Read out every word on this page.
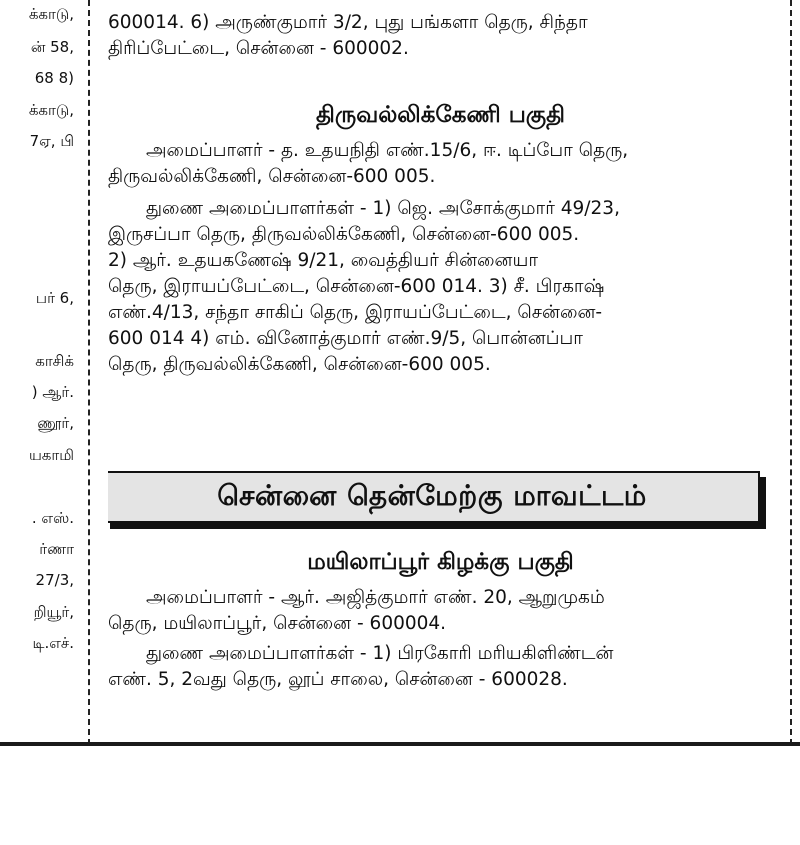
க்காடு,
ன் 58,
68 8)
க்காடு,
7ஏ, பி
பர் 6,
காசிக்
) ஆர்.
ணூர்,
யகாமி
. எஸ்.
ர்ணா
27/3,
றியூர்,
டி.எச்.

600014. 6) அருண்குமார் 3/2, புது பங்களா தெரு, சிந்தா

திரிப்பேட்டை, சென்னை - 600002.

திருவல்லிக்கேணி பகுதி

அமைப்பாளர் - த. உதயநிதி எண்.15/6, ஈ. டிப்போ தெரு,

திருவல்லிக்கேணி, சென்னை-600 005.

துணை அமைப்பாளர்கள் - 1) ஜெ. அசோக்குமார் 49/23,

இருசப்பா தெரு, திருவல்லிக்கேணி, சென்னை-600 005.

2) ஆர். உதயகணேஷ் 9/21, வைத்தியர் சின்னையா

தெரு, இராயப்பேட்டை, சென்னை-600 014. 3) சீ. பிரகாஷ்

எண்.4/13, சந்தா சாகிப் தெரு, இராயப்பேட்டை, சென்னை-

600 014 4) எம். வினோத்குமார் எண்.9/5, பொன்னப்பா

தெரு, திருவல்லிக்கேணி, சென்னை-600 005.

சென்னை தென்மேற்கு மாவட்டம்
மயிலாப்பூர் கிழக்கு பகுதி

அமைப்பாளர் - ஆர். அஜித்குமார் எண். 20, ஆறுமுகம்

தெரு, மயிலாப்பூர், சென்னை - 600004.

துணை அமைப்பாளர்கள் - 1) பிரகோரி மரியகிளிண்டன்

எண். 5, 2வது தெரு, லூப் சாலை, சென்னை - 600028.
